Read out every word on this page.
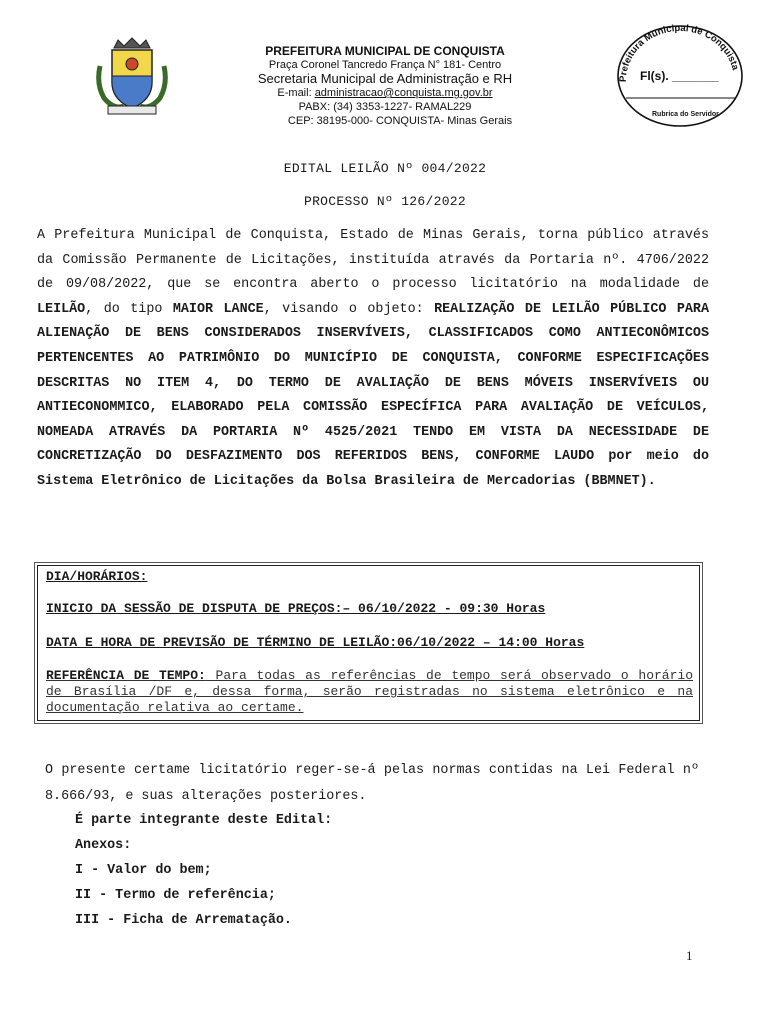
PREFEITURA MUNICIPAL DE CONQUISTA
Praça Coronel Tancredo França N° 181- Centro
Secretaria Municipal de Administração e RH
E-mail: administracao@conquista.mg.gov.br
PABX: (34) 3353-1227- RAMAL229
CEP: 38195-000- CONQUISTA- Minas Gerais
Prefeitura Municipal de Conquista
Fl(s). _______
Rubrica do Servidor
EDITAL LEILÃO Nº 004/2022
PROCESSO Nº 126/2022
A Prefeitura Municipal de Conquista, Estado de Minas Gerais, torna público através da Comissão Permanente de Licitações, instituída através da Portaria nº. 4706/2022 de 09/08/2022, que se encontra aberto o processo licitatório na modalidade de LEILÃO, do tipo MAIOR LANCE, visando o objeto: REALIZAÇÃO DE LEILÃO PÚBLICO PARA ALIENAÇÃO DE BENS CONSIDERADOS INSERVÍVEIS, CLASSIFICADOS COMO ANTIECONÔMICOS PERTENCENTES AO PATRIMÔNIO DO MUNICÍPIO DE CONQUISTA, CONFORME ESPECIFICAÇÕES DESCRITAS NO ITEM 4, DO TERMO DE AVALIAÇÃO DE BENS MÓVEIS INSERVÍVEIS OU ANTIECONOMMICO, ELABORADO PELA COMISSÃO ESPECÍFICA PARA AVALIAÇÃO DE VEÍCULOS, NOMEADA ATRAVÉS DA PORTARIA Nº 4525/2021 TENDO EM VISTA DA NECESSIDADE DE CONCRETIZAÇÃO DO DESFAZIMENTO DOS REFERIDOS BENS, CONFORME LAUDO por meio do Sistema Eletrônico de Licitações da Bolsa Brasileira de Mercadorias (BBMNET).
DIA/HORÁRIOS:
INICIO DA SESSÃO DE DISPUTA DE PREÇOS:– 06/10/2022 - 09:30 Horas
DATA E HORA DE PREVISÃO DE TÉRMINO DE LEILÃO:06/10/2022 – 14:00 Horas
REFERÊNCIA DE TEMPO: Para todas as referências de tempo será observado o horário de Brasília /DF e, dessa forma, serão registradas no sistema eletrônico e na documentação relativa ao certame.
O presente certame licitatório reger-se-á pelas normas contidas na Lei Federal nº 8.666/93, e suas alterações posteriores.
É parte integrante deste Edital:
Anexos:
I - Valor do bem;
II - Termo de referência;
III - Ficha de Arrematação.
1
